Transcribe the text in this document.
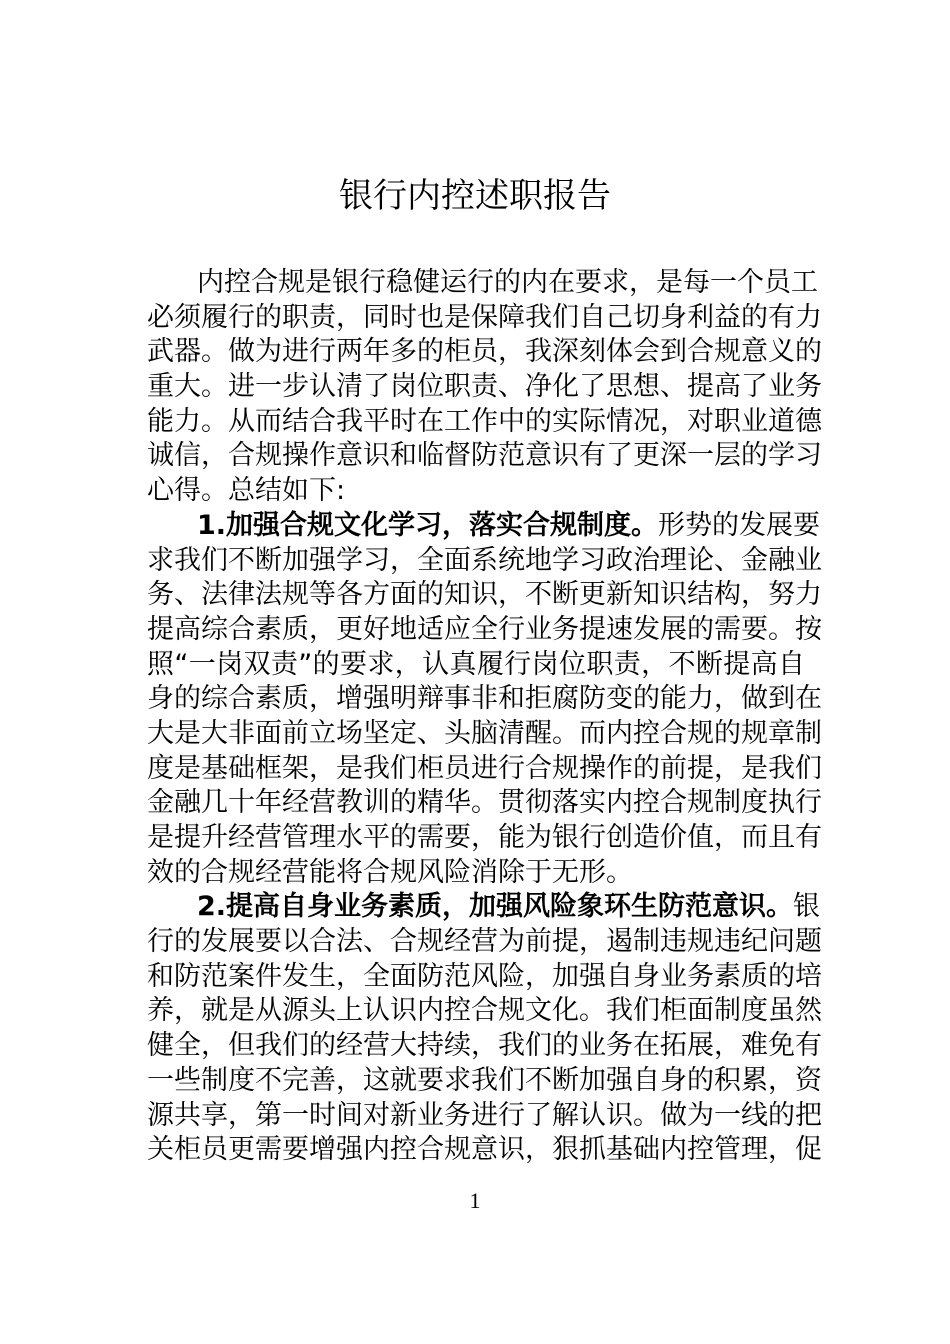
银行内控述职报告
内控合规是银行稳健运行的内在要求，是每一个员工
必须履行的职责，同时也是保障我们自己切身利益的有力
武器。做为进行两年多的柜员，我深刻体会到合规意义的
重大。进一步认清了岗位职责、净化了思想、提高了业务
能力。从而结合我平时在工作中的实际情况，对职业道德
诚信，合规操作意识和临督防范意识有了更深一层的学习
心得。总结如下:
1.加强合规文化学习，落实合规制度。形势的发展要
求我们不断加强学习，全面系统地学习政治理论、金融业
务、法律法规等各方面的知识，不断更新知识结构，努力
提高综合素质，更好地适应全行业务提速发展的需要。按
照“一岗双责”的要求，认真履行岗位职责，不断提高自
身的综合素质，增强明辩事非和拒腐防变的能力，做到在
大是大非面前立场坚定、头脑清醒。而内控合规的规章制
度是基础框架，是我们柜员进行合规操作的前提，是我们
金融几十年经营教训的精华。贯彻落实内控合规制度执行
是提升经营管理水平的需要，能为银行创造价值，而且有
效的合规经营能将合规风险消除于无形。
2.提高自身业务素质，加强风险象环生防范意识。银
行的发展要以合法、合规经营为前提，遏制违规违纪问题
和防范案件发生，全面防范风险，加强自身业务素质的培
养，就是从源头上认识内控合规文化。我们柜面制度虽然
健全，但我们的经营大持续，我们的业务在拓展，难免有
一些制度不完善，这就要求我们不断加强自身的积累，资
源共享，第一时间对新业务进行了解认识。做为一线的把
关柜员更需要增强内控合规意识，狠抓基础内控管理，促
1
